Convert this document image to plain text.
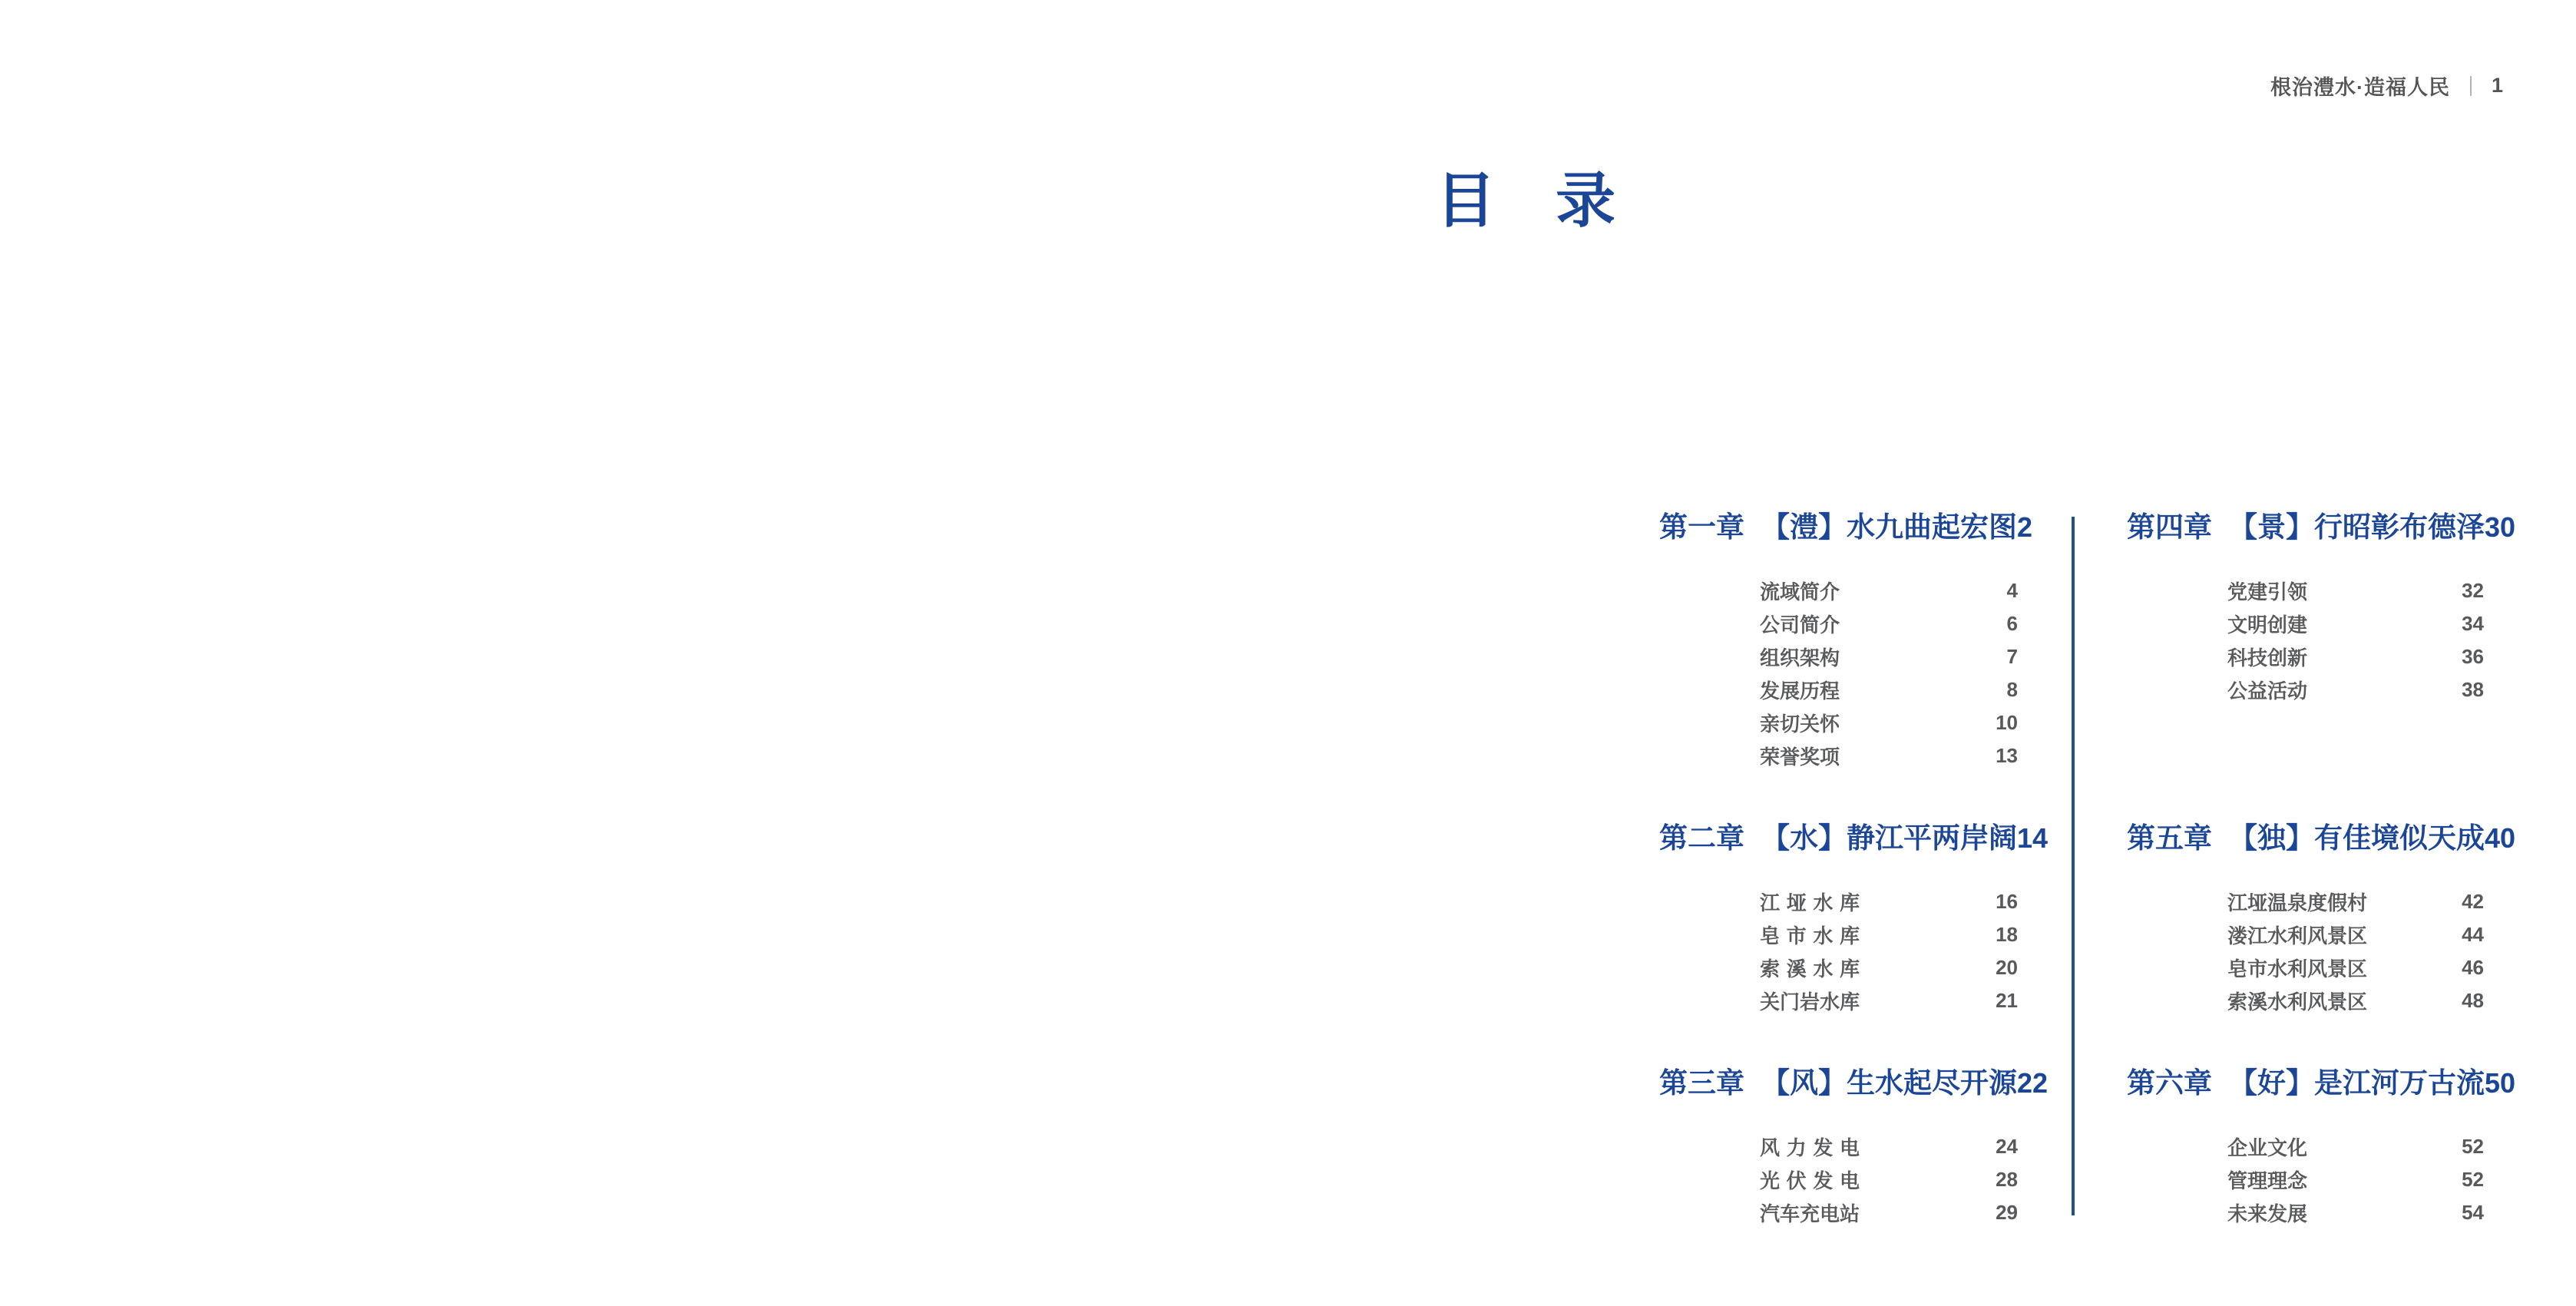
根治澧水·造福人民 1
目　录
第一章 【澧】水九曲起宏图 2
流域简介	4
公司简介	6
组织架构	7
发展历程	8
亲切关怀	10
荣誉奖项	13
第二章 【水】静江平两岸阔 14
江垭水库	16
皂市水库	18
索溪水库	20
关门岩水库	21
第三章 【风】生水起尽开源 22
风力发电	24
光伏发电	28
汽车充电站	29
第四章 【景】行昭彰布德泽 30
党建引领	32
文明创建	34
科技创新	36
公益活动	38
第五章 【独】有佳境似天成 40
江垭温泉度假村	42
溇江水利风景区	44
皂市水利风景区	46
索溪水利风景区	48
第六章 【好】是江河万古流 50
企业文化	52
管理理念	52
未来发展	54
